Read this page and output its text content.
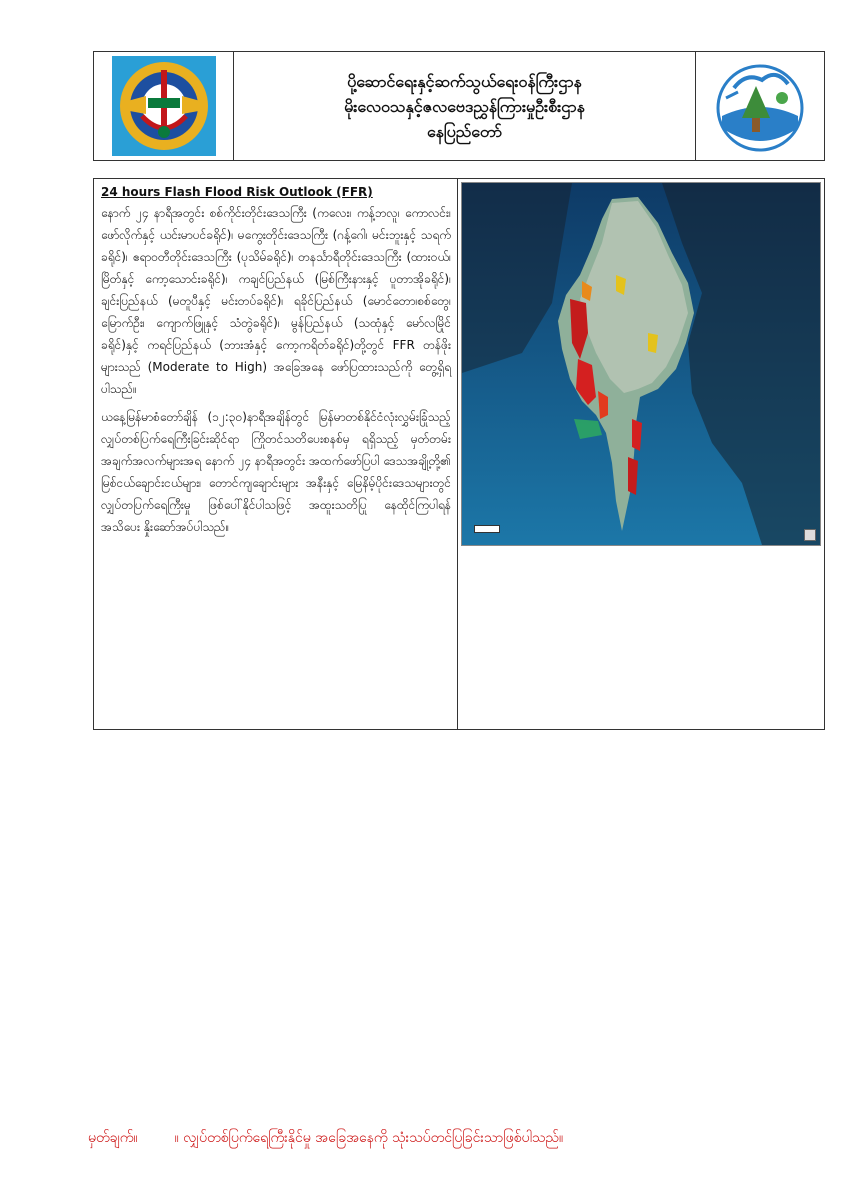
ပို့ဆောင်ရေးနှင့်ဆက်သွယ်ရေးဝန်ကြီးဌာန
မိုးလေဝသနှင့်ဇလဗေဒညွှန်ကြားမှုဦးစီးဌာန
နေပြည်တော်
24 hours Flash Flood Risk Outlook (FFR)

နောက် ၂၄ နာရီအတွင်း စစ်ကိုင်းတိုင်းဒေသကြီး (ကလေး၊ ကန့်ဘလူ၊ ကောလင်း၊ ဖော်လိုက်နှင့် ယင်းမာပင်ခရိုင်)၊ မကွေးတိုင်းဒေသကြီး (ဂန့်ဂေါ၊ မင်းဘူးနှင့် သရက်ခရိုင်)၊ ဧရာဝတီတိုင်းဒေသကြီး (ပုသိမ်ခရိုင်)၊ တနင်္သာရီတိုင်းဒေသကြီး (ထားဝယ်၊ မြိတ်နှင့် ကော့သောင်းခရိုင်)၊ ကချင်ပြည်နယ် (မြစ်ကြီးနားနှင့် ပူတာအိုခရိုင်)၊ ချင်းပြည်နယ် (မတူပီနှင့် မင်းတပ်ခရိုင်)၊ ရခိုင်ပြည်နယ် (မောင်တော၊စစ်တွေ၊ မြောက်ဦး၊ ကျောက်ဖြူနှင့် သံတွဲခရိုင်)၊ မွန်ပြည်နယ် (သထုံနှင့် မော်လမြိုင်ခရိုင်)နှင့် ကရင်ပြည်နယ် (ဘားအံနှင့် ကော့ကရိတ်ခရိုင်)တို့တွင် FFR တန်ဖိုးများသည် (Moderate to High) အခြေအနေ ဖော်ပြထားသည်ကို တွေ့ရှိရပါသည်။

ယနေ့မြန်မာစံတော်ချိန် (၁၂:၃၀)နာရီအချိန်တွင် မြန်မာတစ်နိုင်ငံလုံးလွှမ်းခြုံသည့် လျှပ်တစ်ပြက်ရေကြီးခြင်းဆိုင်ရာ ကြိုတင်သတိပေးစနစ်မှ ရရှိသည့် မှတ်တမ်းအချက်အလက်များအရ နောက် ၂၄ နာရီအတွင်း အထက်ဖော်ပြပါ ဒေသအချို့တို့၏ မြစ်ငယ်ချောင်းငယ်များ၊ တောင်ကျချောင်းများ အနီးနှင့် မြေနိမ့်ပိုင်းဒေသများတွင် လျှပ်တပြက်ရေကြီးမှု ဖြစ်ပေါ်နိုင်ပါသဖြင့် အထူးသတိပြု နေထိုင်ကြပါရန် အသိပေး နှိုးဆော်အပ်ပါသည်။

မှတ်ချက်။	။ လျှပ်တစ်ပြက်ရေကြီးနိုင်မှု အခြေအနေကို သုံးသပ်တင်ပြခြင်းသာဖြစ်ပါသည်။
